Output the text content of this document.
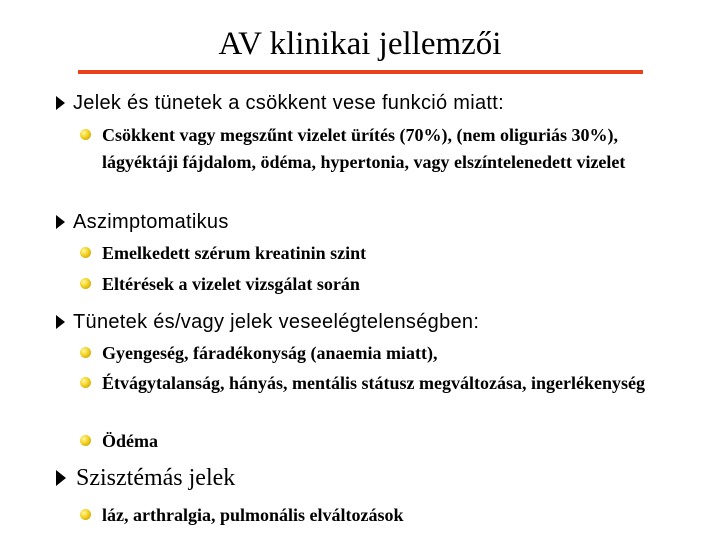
AV klinikai jellemzői
Jelek és tünetek a csökkent vese funkció miatt:
Csökkent vagy megszűnt vizelet ürítés (70%), (nem oliguriás 30%), lágyéktáji fájdalom, ödéma, hypertonia, vagy elszíntelenedett vizelet
Aszimptomatikus
Emelkedett szérum kreatinin szint
Eltérések a vizelet vizsgálat során
Tünetek és/vagy jelek veseelégtelenségben:
Gyengeség, fáradékonyság (anaemia miatt),
Étvágytalanság, hányás, mentális státusz megváltozása, ingerlékenység
Ödéma
Szisztémás jelek
láz, arthralgia, pulmonális elváltozások
